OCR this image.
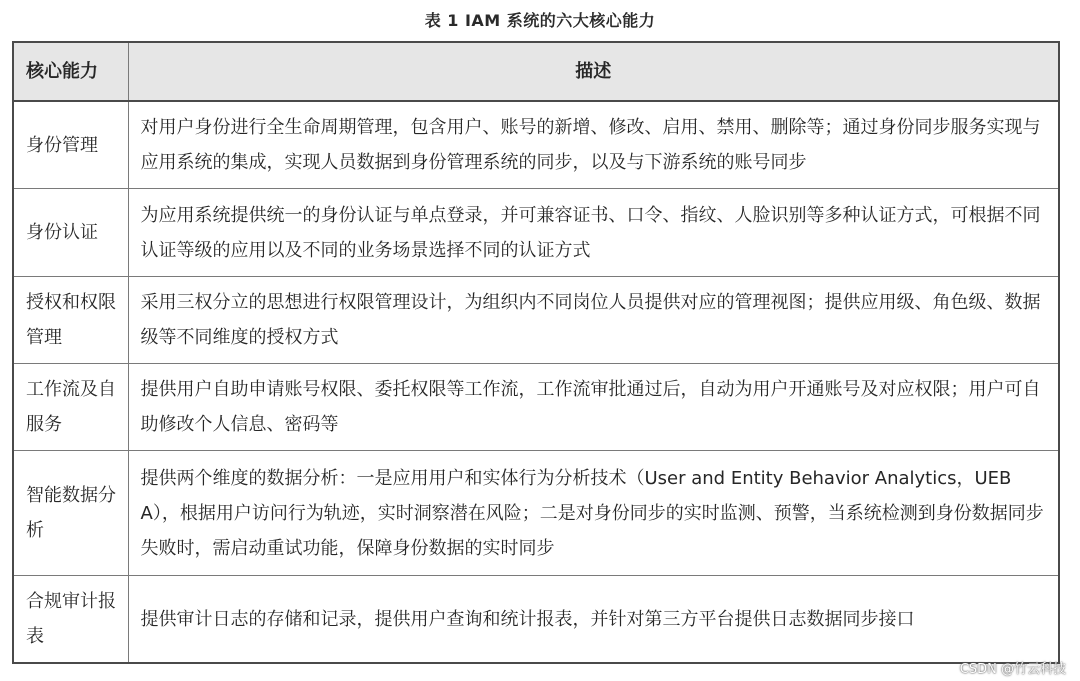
表 1 IAM 系统的六大核心能力
核心能力	描述
身份管理	对用户身份进行全生命周期管理，包含用户、账号的新增、修改、启用、禁用、删除等；通过身份同步服务实现与应用系统的集成，实现人员数据到身份管理系统的同步，以及与下游系统的账号同步
身份认证	为应用系统提供统一的身份认证与单点登录，并可兼容证书、口令、指纹、人脸识别等多种认证方式，可根据不同认证等级的应用以及不同的业务场景选择不同的认证方式
授权和权限管理	采用三权分立的思想进行权限管理设计，为组织内不同岗位人员提供对应的管理视图；提供应用级、角色级、数据级等不同维度的授权方式
工作流及自服务	提供用户自助申请账号权限、委托权限等工作流，工作流审批通过后，自动为用户开通账号及对应权限；用户可自助修改个人信息、密码等
智能数据分析	提供两个维度的数据分析：一是应用用户和实体行为分析技术（User and Entity Behavior Analytics，UEBA），根据用户访问行为轨迹，实时洞察潜在风险；二是对身份同步的实时监测、预警，当系统检测到身份数据同步失败时，需启动重试功能，保障身份数据的实时同步
合规审计报表	提供审计日志的存储和记录，提供用户查询和统计报表，并针对第三方平台提供日志数据同步接口
CSDN @竹云科技
